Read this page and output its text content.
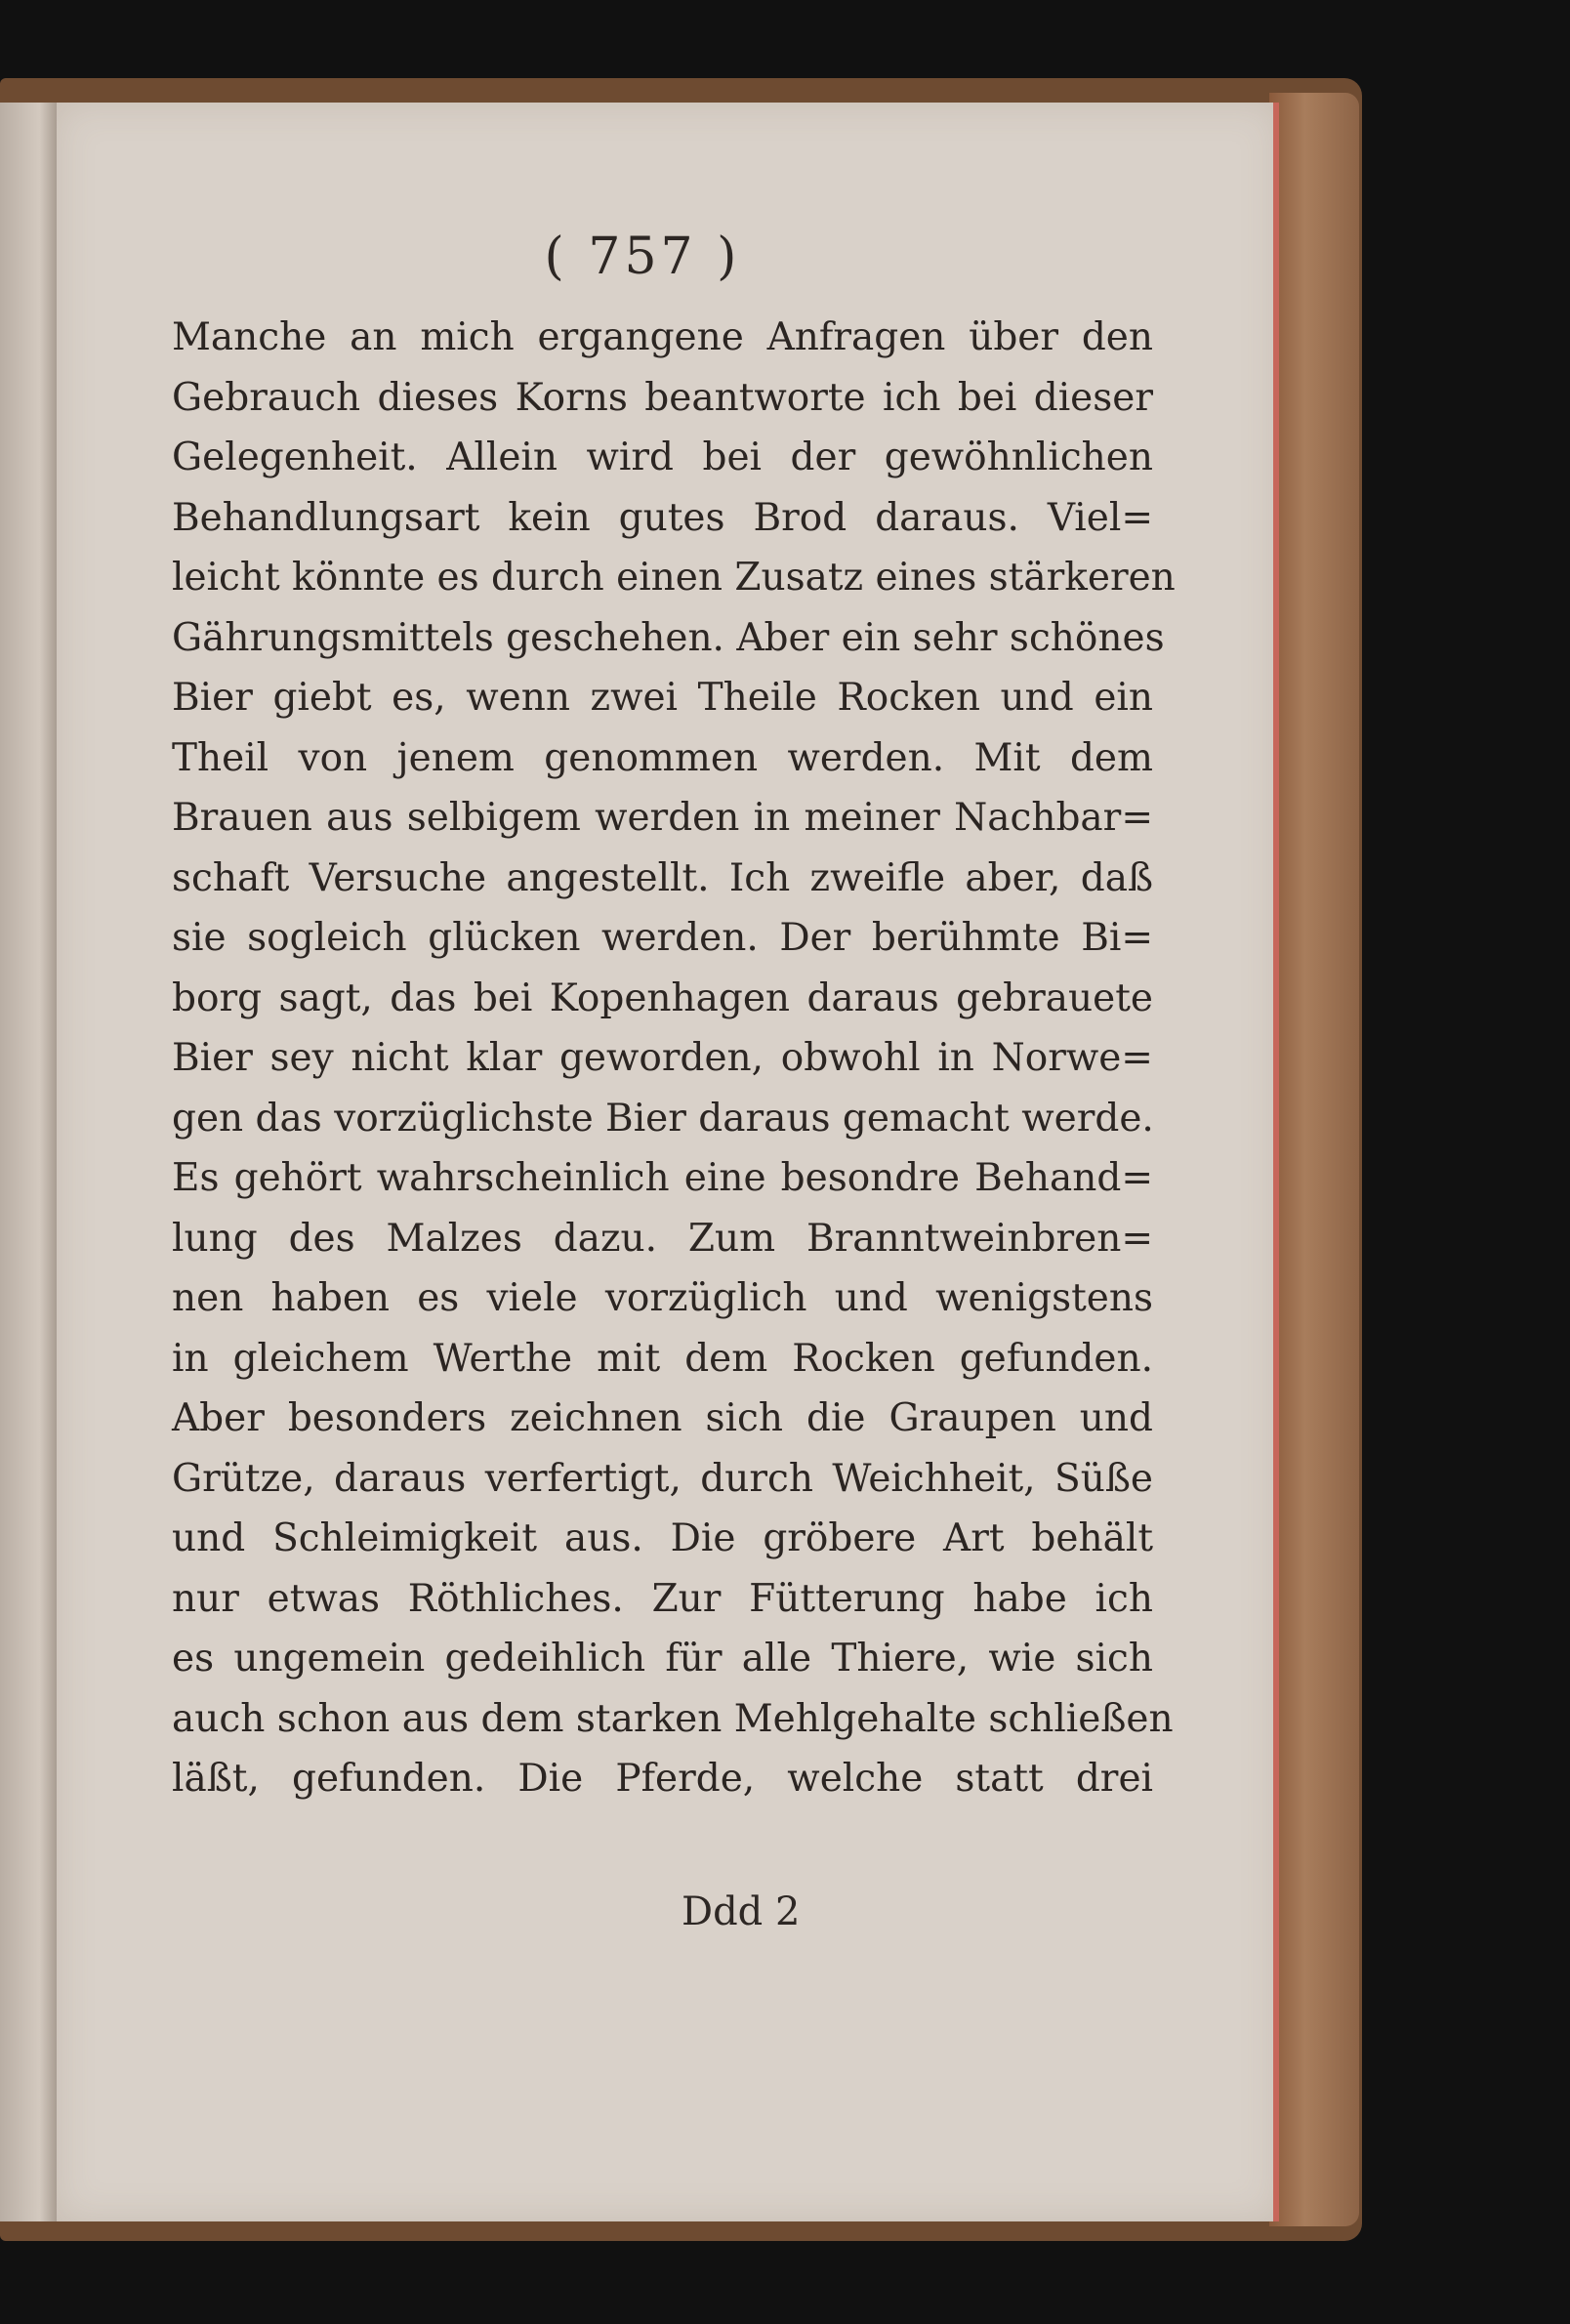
( 757 )
Manche an mich ergangene Anfragen über den
Gebrauch dieses Korns beantworte ich bei dieser
Gelegenheit. Allein wird bei der gewöhnlichen
Behandlungsart kein gutes Brod daraus. Viel=
leicht könnte es durch einen Zusatz eines stärkeren
Gährungsmittels geschehen. Aber ein sehr schönes
Bier giebt es, wenn zwei Theile Rocken und ein
Theil von jenem genommen werden. Mit dem
Brauen aus selbigem werden in meiner Nachbar=
schaft Versuche angestellt. Ich zweifle aber, daß
sie sogleich glücken werden. Der berühmte Bi=
borg sagt, das bei Kopenhagen daraus gebrauete
Bier sey nicht klar geworden, obwohl in Norwe=
gen das vorzüglichste Bier daraus gemacht werde.
Es gehört wahrscheinlich eine besondre Behand=
lung des Malzes dazu. Zum Branntweinbren=
nen haben es viele vorzüglich und wenigstens
in gleichem Werthe mit dem Rocken gefunden.
Aber besonders zeichnen sich die Graupen und
Grütze, daraus verfertigt, durch Weichheit, Süße
und Schleimigkeit aus. Die gröbere Art behält
nur etwas Röthliches. Zur Fütterung habe ich
es ungemein gedeihlich für alle Thiere, wie sich
auch schon aus dem starken Mehlgehalte schließen
läßt, gefunden. Die Pferde, welche statt drei
Ddd 2
